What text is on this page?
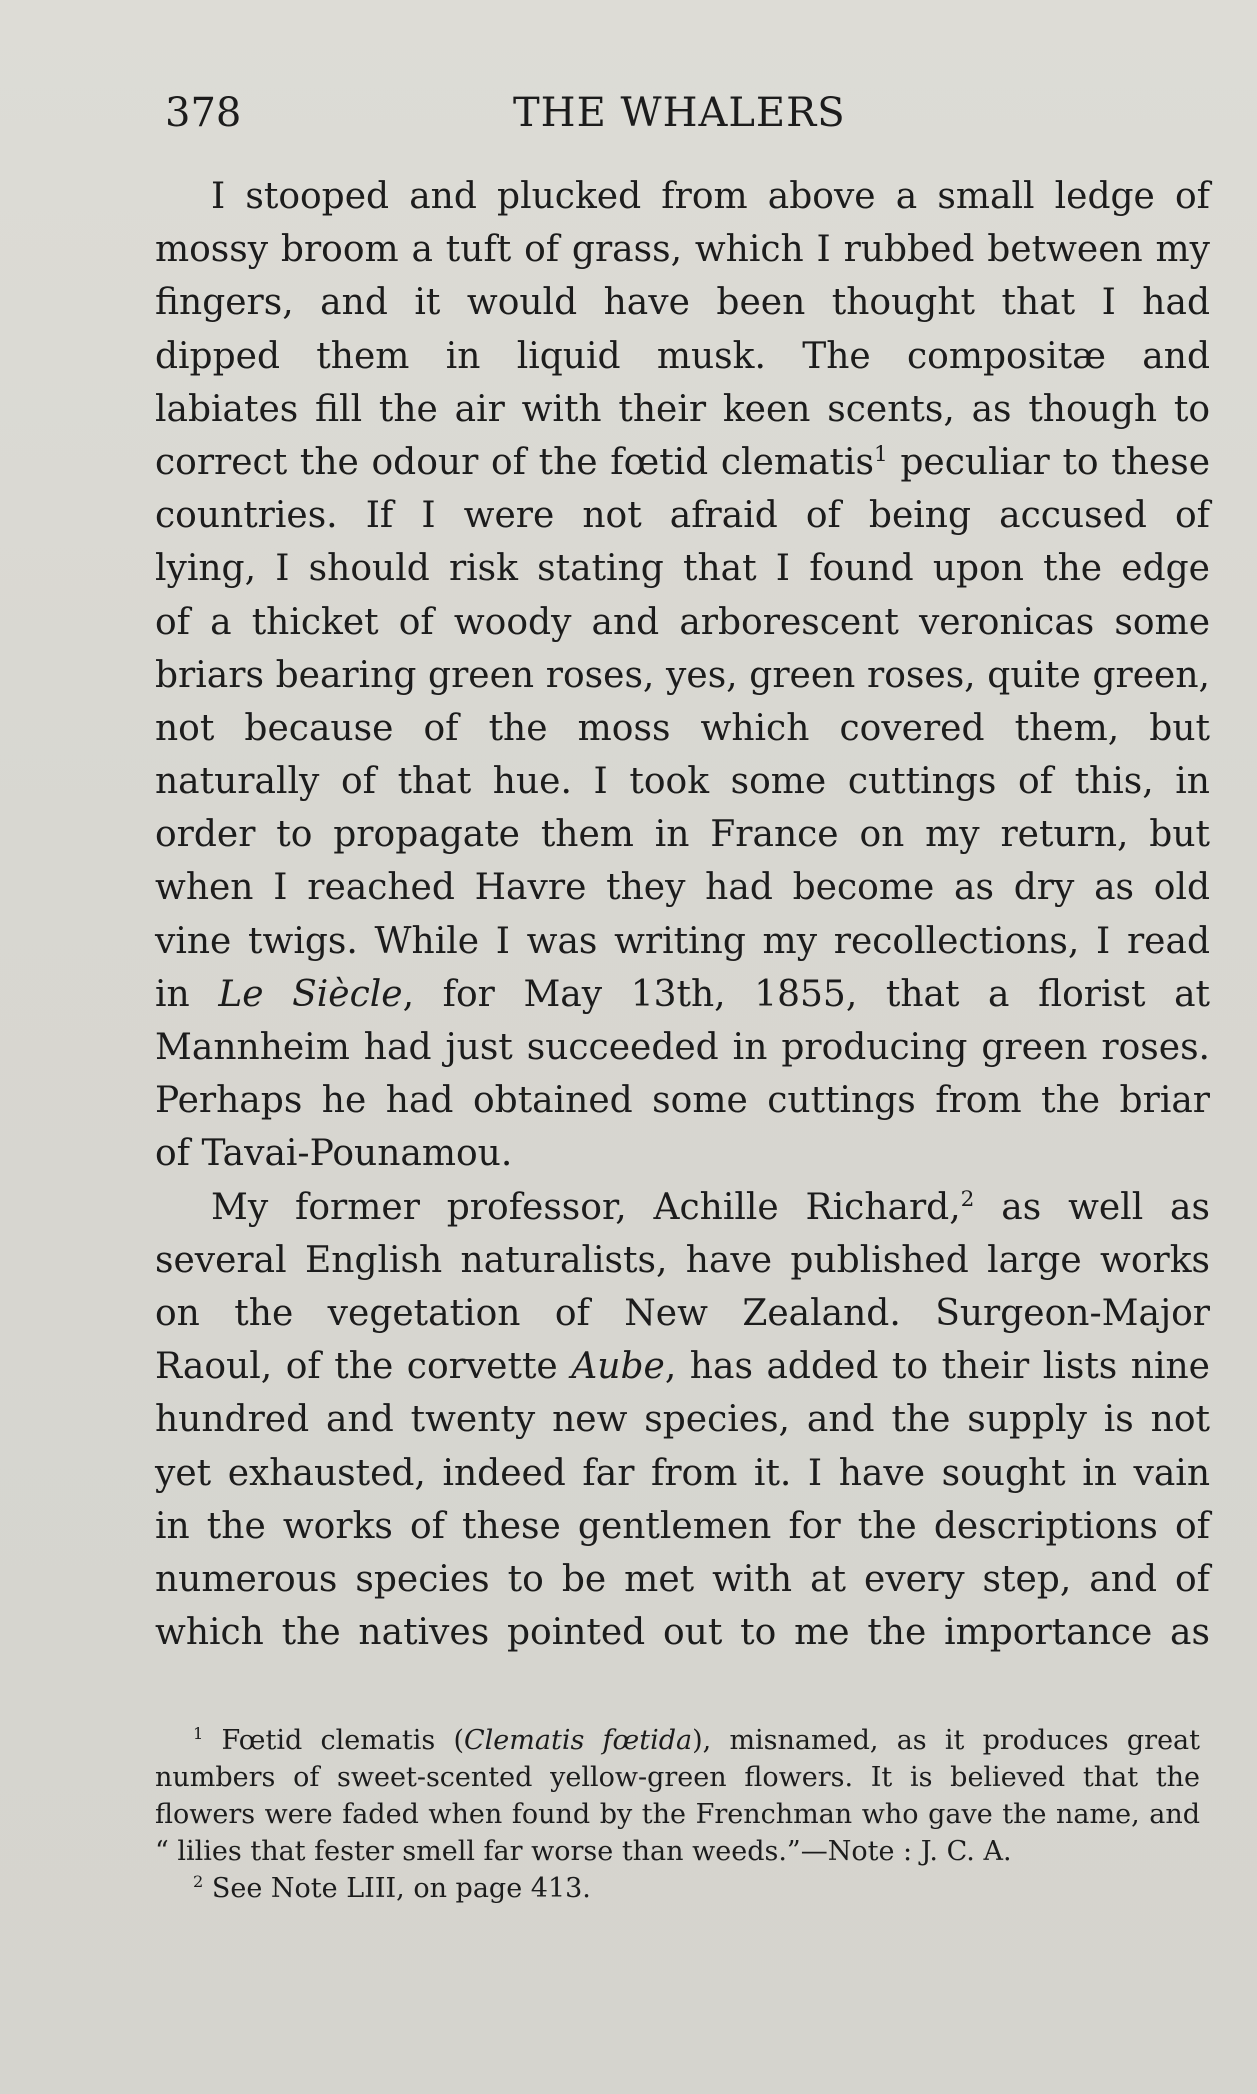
378	THE WHALERS
I stooped and plucked from above a small ledge of
mossy broom a tuft of grass, which I rubbed between my
fingers, and it would have been thought that I had
dipped them in liquid musk. The compositæ and
labiates fill the air with their keen scents, as though to
correct the odour of the fœtid clematis$^1$ peculiar to these
countries. If I were not afraid of being accused of
lying, I should risk stating that I found upon the edge
of a thicket of woody and arborescent veronicas some
briars bearing green roses, yes, green roses, quite green,
not because of the moss which covered them, but
naturally of that hue. I took some cuttings of this, in
order to propagate them in France on my return, but
when I reached Havre they had become as dry as old
vine twigs. While I was writing my recollections, I read
in Le Siècle, for May 13th, 1855, that a florist at
Mannheim had just succeeded in producing green roses.
Perhaps he had obtained some cuttings from the briar
of Tavai-Pounamou.
My former professor, Achille Richard,$^2$ as well as
several English naturalists, have published large works
on the vegetation of New Zealand. Surgeon-Major
Raoul, of the corvette Aube, has added to their lists nine
hundred and twenty new species, and the supply is not
yet exhausted, indeed far from it. I have sought in vain
in the works of these gentlemen for the descriptions of
numerous species to be met with at every step, and of
which the natives pointed out to me the importance as
$^1$ Fœtid clematis (Clematis fœtida), misnamed, as it produces great
numbers of sweet-scented yellow-green flowers. It is believed that the
flowers were faded when found by the Frenchman who gave the name, and
“ lilies that fester smell far worse than weeds.”—Note : J. C. A.
$^2$ See Note LIII, on page 413.
